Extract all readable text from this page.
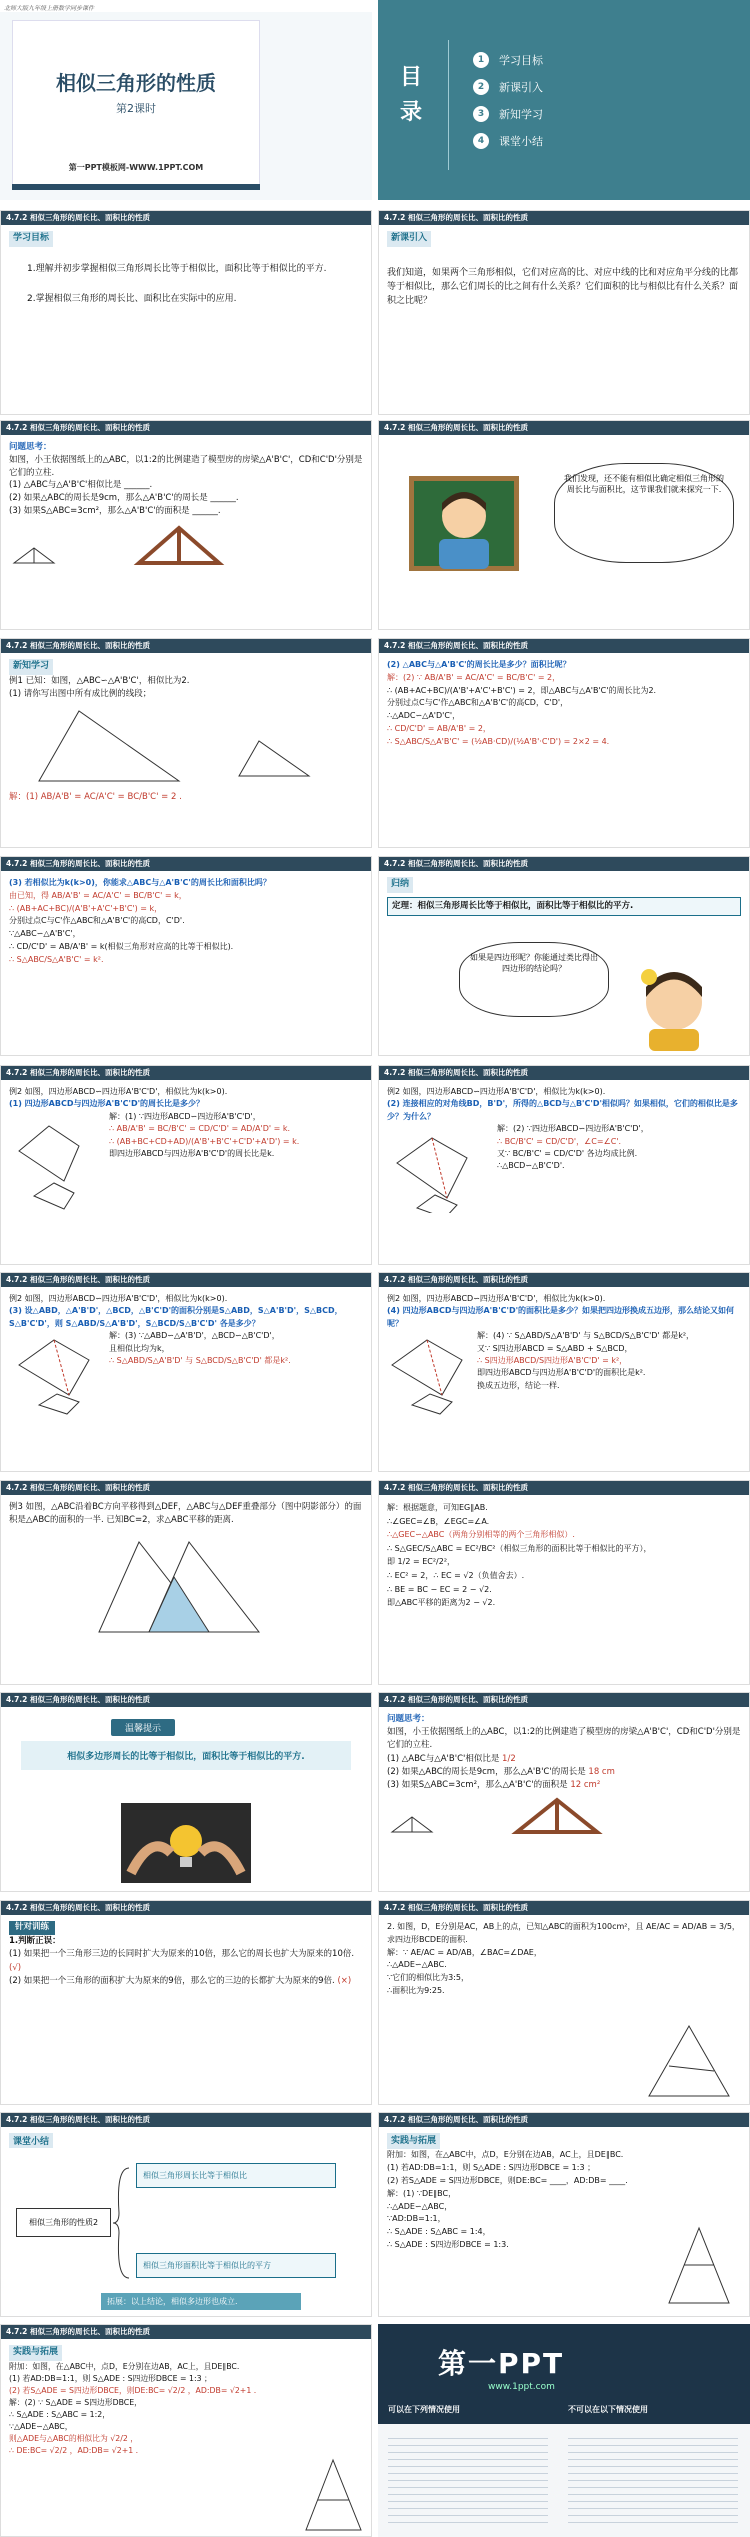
北师大版九年级上册数学同步课件
相似三角形的性质
第2课时
第一PPT模板网-WWW.1PPT.COM
目
录
1	学习目标
2	新课引入
3	新知学习
4	课堂小结
4.7.2 相似三角形的周长比、面积比的性质
学习目标

1.理解并初步掌握相似三角形周长比等于相似比，面积比等于相似比的平方.

2.掌握相似三角形的周长比、面积比在实际中的应用.

4.7.2 相似三角形的周长比、面积比的性质
新课引入

我们知道，如果两个三角形相似，它们对应高的比、对应中线的比和对应角平分线的比都等于相似比，那么它们周长的比之间有什么关系？它们面积的比与相似比有什么关系？面积之比呢？

4.7.2 相似三角形的周长比、面积比的性质
问题思考：

如图，小王依据图纸上的△ABC，以1:2的比例建造了模型房的房梁△A'B'C'，CD和C'D'分别是它们的立柱.

(1) △ABC与△A'B'C'相似比是 ______.

(2) 如果△ABC的周长是9cm，那么△A'B'C'的周长是 ______.

(3) 如果S△ABC=3cm²，那么△A'B'C'的面积是 ______.

4.7.2 相似三角形的周长比、面积比的性质
我们发现，还不能有相似比确定相似三角形的周长比与面积比，这节课我们就来探究一下.
4.7.2 相似三角形的周长比、面积比的性质
新知学习

例1 已知：如图，△ABC∽△A'B'C'，相似比为2.

(1) 请你写出图中所有成比例的线段；

解：(1) AB/A'B' = AC/A'C' = BC/B'C' = 2 .

4.7.2 相似三角形的周长比、面积比的性质

(2) △ABC与△A'B'C'的周长比是多少？面积比呢？

解：(2) ∵ AB/A'B' = AC/A'C' = BC/B'C' = 2，

∴ (AB+AC+BC)/(A'B'+A'C'+B'C') = 2，即△ABC与△A'B'C'的周长比为2.

分别过点C与C'作△ABC和△A'B'C'的高CD，C'D'，

∴△ADC∽△A'D'C'，

∴ CD/C'D' = AB/A'B' = 2，

∴ S△ABC/S△A'B'C' = (½AB·CD)/(½A'B'·C'D') = 2×2 = 4.

4.7.2 相似三角形的周长比、面积比的性质

(3) 若相似比为k(k>0)，你能求△ABC与△A'B'C'的周长比和面积比吗？

由已知，得 AB/A'B' = AC/A'C' = BC/B'C' = k，

∴ (AB+AC+BC)/(A'B'+A'C'+B'C') = k，

分别过点C与C'作△ABC和△A'B'C'的高CD，C'D'.

∵△ABC∽△A'B'C'，

∴ CD/C'D' = AB/A'B' = k(相似三角形对应高的比等于相似比).

∴ S△ABC/S△A'B'C' = k².

4.7.2 相似三角形的周长比、面积比的性质
归纳

定理：相似三角形周长比等于相似比，面积比等于相似比的平方.

如果是四边形呢？你能通过类比得出四边形的结论吗？
4.7.2 相似三角形的周长比、面积比的性质

例2 如图，四边形ABCD∽四边形A'B'C'D'，相似比为k(k>0).

(1) 四边形ABCD与四边形A'B'C'D'的周长比是多少？

解：(1) ∵四边形ABCD∽四边形A'B'C'D'，

∴ AB/A'B' = BC/B'C' = CD/C'D' = AD/A'D' = k.

∴ (AB+BC+CD+AD)/(A'B'+B'C'+C'D'+A'D') = k.

即四边形ABCD与四边形A'B'C'D'的周长比是k.

4.7.2 相似三角形的周长比、面积比的性质

例2 如图，四边形ABCD∽四边形A'B'C'D'，相似比为k(k>0).

(2) 连接相应的对角线BD，B'D'，所得的△BCD与△B'C'D'相似吗？如果相似，它们的相似比是多少？为什么？

解：(2) ∵四边形ABCD∽四边形A'B'C'D'，

∴ BC/B'C' = CD/C'D'，∠C=∠C'.

又∵ BC/B'C' = CD/C'D' 各边均成比例.

∴△BCD∽△B'C'D'.

4.7.2 相似三角形的周长比、面积比的性质

例2 如图，四边形ABCD∽四边形A'B'C'D'，相似比为k(k>0).

(3) 设△ABD，△A'B'D'，△BCD，△B'C'D'的面积分别是S△ABD，S△A'B'D'，S△BCD，S△B'C'D'，则 S△ABD/S△A'B'D'，S△BCD/S△B'C'D' 各是多少？

解：(3) ∵△ABD∽△A'B'D'，△BCD∽△B'C'D'，

且相似比均为k，

∴ S△ABD/S△A'B'D' 与 S△BCD/S△B'C'D' 都是k².

4.7.2 相似三角形的周长比、面积比的性质

例2 如图，四边形ABCD∽四边形A'B'C'D'，相似比为k(k>0).

(4) 四边形ABCD与四边形A'B'C'D'的面积比是多少？如果把四边形换成五边形，那么结论又如何呢？

解：(4) ∵ S△ABD/S△A'B'D' 与 S△BCD/S△B'C'D' 都是k²，

又∵ S四边形ABCD = S△ABD + S△BCD，

∴ S四边形ABCD/S四边形A'B'C'D' = k²，

即四边形ABCD与四边形A'B'C'D'的面积比是k².

换成五边形，结论一样.

4.7.2 相似三角形的周长比、面积比的性质

例3 如图，△ABC沿着BC方向平移得到△DEF，△ABC与△DEF重叠部分（图中阴影部分）的面积是△ABC的面积的一半. 已知BC=2，求△ABC平移的距离.

4.7.2 相似三角形的周长比、面积比的性质

解：根据题意，可知EG∥AB.

∴∠GEC=∠B，∠EGC=∠A.

∴△GEC∽△ABC（两角分别相等的两个三角形相似）.

∴ S△GEC/S△ABC = EC²/BC²（相似三角形的面积比等于相似比的平方），

即 1/2 = EC²/2²，

∴ EC² = 2，∴ EC = √2（负值舍去）.

∴ BE = BC − EC = 2 − √2.

即△ABC平移的距离为2 − √2.

4.7.2 相似三角形的周长比、面积比的性质
温馨提示
相似多边形周长的比等于相似比，面积比等于相似比的平方.
4.7.2 相似三角形的周长比、面积比的性质
问题思考：

如图，小王依据图纸上的△ABC，以1:2的比例建造了模型房的房梁△A'B'C'，CD和C'D'分别是它们的立柱.

(1) △ABC与△A'B'C'相似比是 1/2

(2) 如果△ABC的周长是9cm，那么△A'B'C'的周长是 18 cm

(3) 如果S△ABC=3cm²，那么△A'B'C'的面积是 12 cm²

4.7.2 相似三角形的周长比、面积比的性质
针对训练

1.判断正误：

(1) 如果把一个三角形三边的长同时扩大为原来的10倍，那么它的周长也扩大为原来的10倍. (√)

(2) 如果把一个三角形的面积扩大为原来的9倍，那么它的三边的长都扩大为原来的9倍. (×)

4.7.2 相似三角形的周长比、面积比的性质

2. 如图，D，E分别是AC，AB上的点，已知△ABC的面积为100cm²，且 AE/AC = AD/AB = 3/5，求四边形BCDE的面积.

解：∵ AE/AC = AD/AB，∠BAC=∠DAE，

∴△ADE∽△ABC.

∵它们的相似比为3:5，

∴面积比为9:25.

4.7.2 相似三角形的周长比、面积比的性质
课堂小结
相似三角形的性质2
相似三角形周长比等于相似比
相似三角形面积比等于相似比的平方
拓展：以上结论，相似多边形也成立.
4.7.2 相似三角形的周长比、面积比的性质
实践与拓展

附加：如图，在△ABC中，点D，E分别在边AB，AC上，且DE∥BC.

(1) 若AD:DB=1:1，则 S△ADE : S四边形DBCE = 1:3 ；

(2) 若S△ADE = S四边形DBCE，则DE:BC= ____，AD:DB= ____.

解：(1) ∵DE∥BC，

∴△ADE∽△ABC，

∵AD:DB=1:1，

∴ S△ADE : S△ABC = 1:4，

∴ S△ADE : S四边形DBCE = 1:3.

4.7.2 相似三角形的周长比、面积比的性质
实践与拓展

附加：如图，在△ABC中，点D，E分别在边AB，AC上，且DE∥BC.

(1) 若AD:DB=1:1，则 S△ADE : S四边形DBCE = 1:3 ；

(2) 若S△ADE = S四边形DBCE，则DE:BC= √2/2 ，AD:DB= √2+1 .

解：(2) ∵ S△ADE = S四边形DBCE，

∴ S△ADE : S△ABC = 1:2，

∵△ADE∽△ABC，

则△ADE与△ABC的相似比为 √2/2 ，

∴ DE:BC= √2/2 ，AD:DB= √2+1 .

第一PPT
www.1ppt.com
可以在下列情况使用	不可以在以下情况使用
